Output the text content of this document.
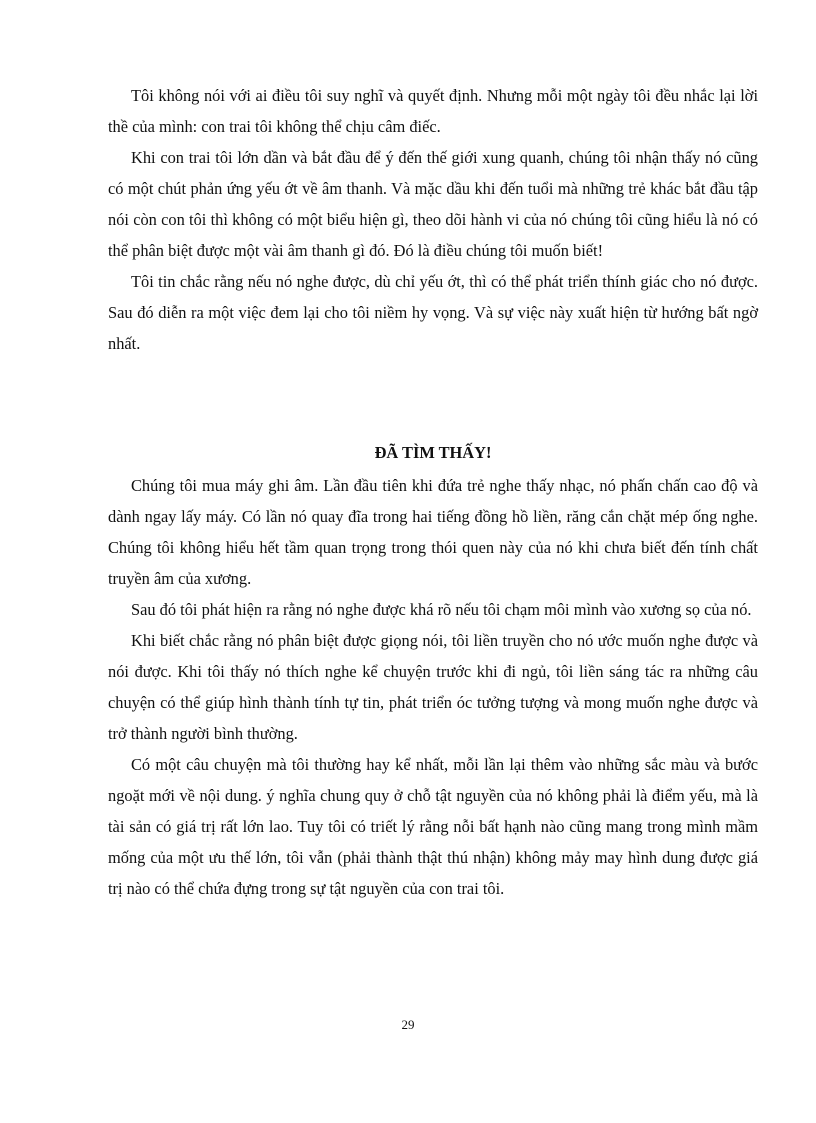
Tôi không nói với ai điều tôi suy nghĩ và quyết định. Nhưng mỗi một ngày tôi đều nhắc lại lời thề của mình: con trai tôi không thể chịu câm điếc.

Khi con trai tôi lớn dần và bắt đầu để ý đến thế giới xung quanh, chúng tôi nhận thấy nó cũng có một chút phản ứng yếu ớt về âm thanh. Và mặc dầu khi đến tuổi mà những trẻ khác bắt đầu tập nói còn con tôi thì không có một biểu hiện gì, theo dõi hành vi của nó chúng tôi cũng hiểu là nó có thể phân biệt được một vài âm thanh gì đó. Đó là điều chúng tôi muốn biết!

Tôi tin chắc rằng nếu nó nghe được, dù chỉ yếu ớt, thì có thể phát triển thính giác cho nó được. Sau đó diễn ra một việc đem lại cho tôi niềm hy vọng. Và sự việc này xuất hiện từ hướng bất ngờ nhất.

ĐÃ TÌM THẤY!

Chúng tôi mua máy ghi âm. Lần đầu tiên khi đứa trẻ nghe thấy nhạc, nó phấn chấn cao độ và dành ngay lấy máy. Có lần nó quay đĩa trong hai tiếng đồng hồ liền, răng cắn chặt mép ống nghe. Chúng tôi không hiểu hết tầm quan trọng trong thói quen này của nó khi chưa biết đến tính chất truyền âm của xương.

Sau đó tôi phát hiện ra rằng nó nghe được khá rõ nếu tôi chạm môi mình vào xương sọ của nó.

Khi biết chắc rằng nó phân biệt được giọng nói, tôi liền truyền cho nó ước muốn nghe được và nói được. Khi tôi thấy nó thích nghe kể chuyện trước khi đi ngủ, tôi liền sáng tác ra những câu chuyện có thể giúp hình thành tính tự tin, phát triển óc tưởng tượng và mong muốn nghe được và trở thành người bình thường.

Có một câu chuyện mà tôi thường hay kể nhất, mỗi lần lại thêm vào những sắc màu và bước ngoặt mới về nội dung. ý nghĩa chung quy ở chỗ tật nguyền của nó không phải là điểm yếu, mà là tài sản có giá trị rất lớn lao. Tuy tôi có triết lý rằng nỗi bất hạnh nào cũng mang trong mình mầm mống của một ưu thế lớn, tôi vẫn (phải thành thật thú nhận) không mảy may hình dung được giá trị nào có thể chứa đựng trong sự tật nguyền của con trai tôi.

29
